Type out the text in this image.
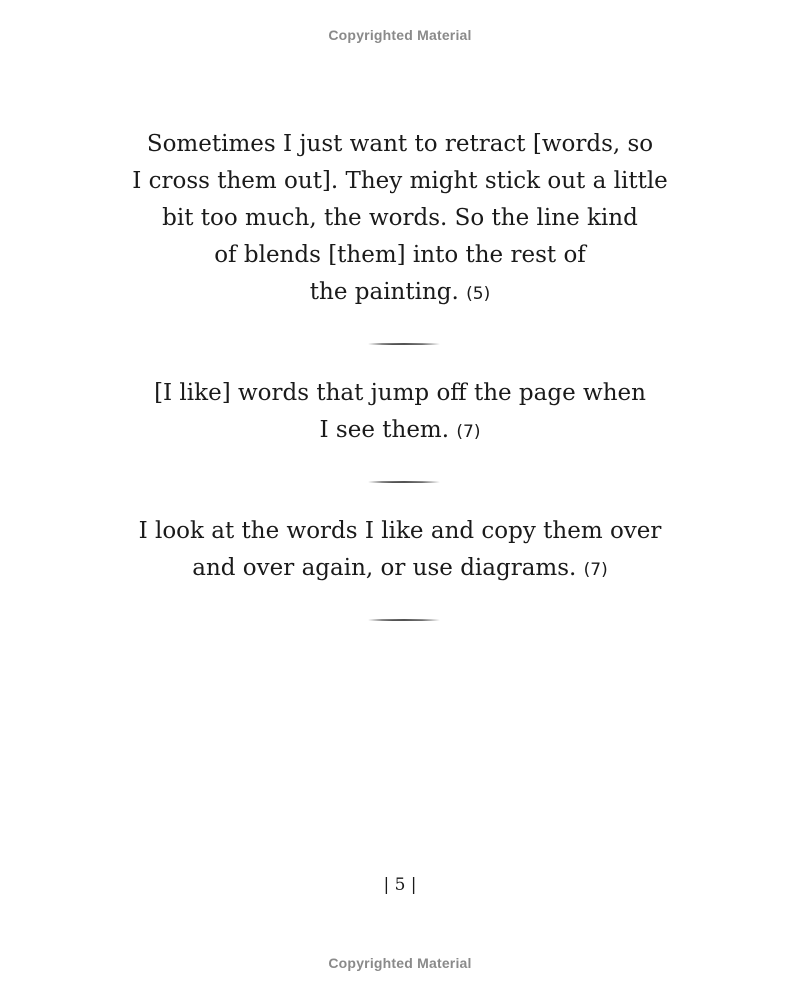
Copyrighted Material
Sometimes I just want to retract [words, so
I cross them out]. They might stick out a little
bit too much, the words. So the line kind
of blends [them] into the rest of
the painting. (5)
[I like] words that jump off the page when
I see them. (7)
I look at the words I like and copy them over
and over again, or use diagrams. (7)
| 5 |
Copyrighted Material
